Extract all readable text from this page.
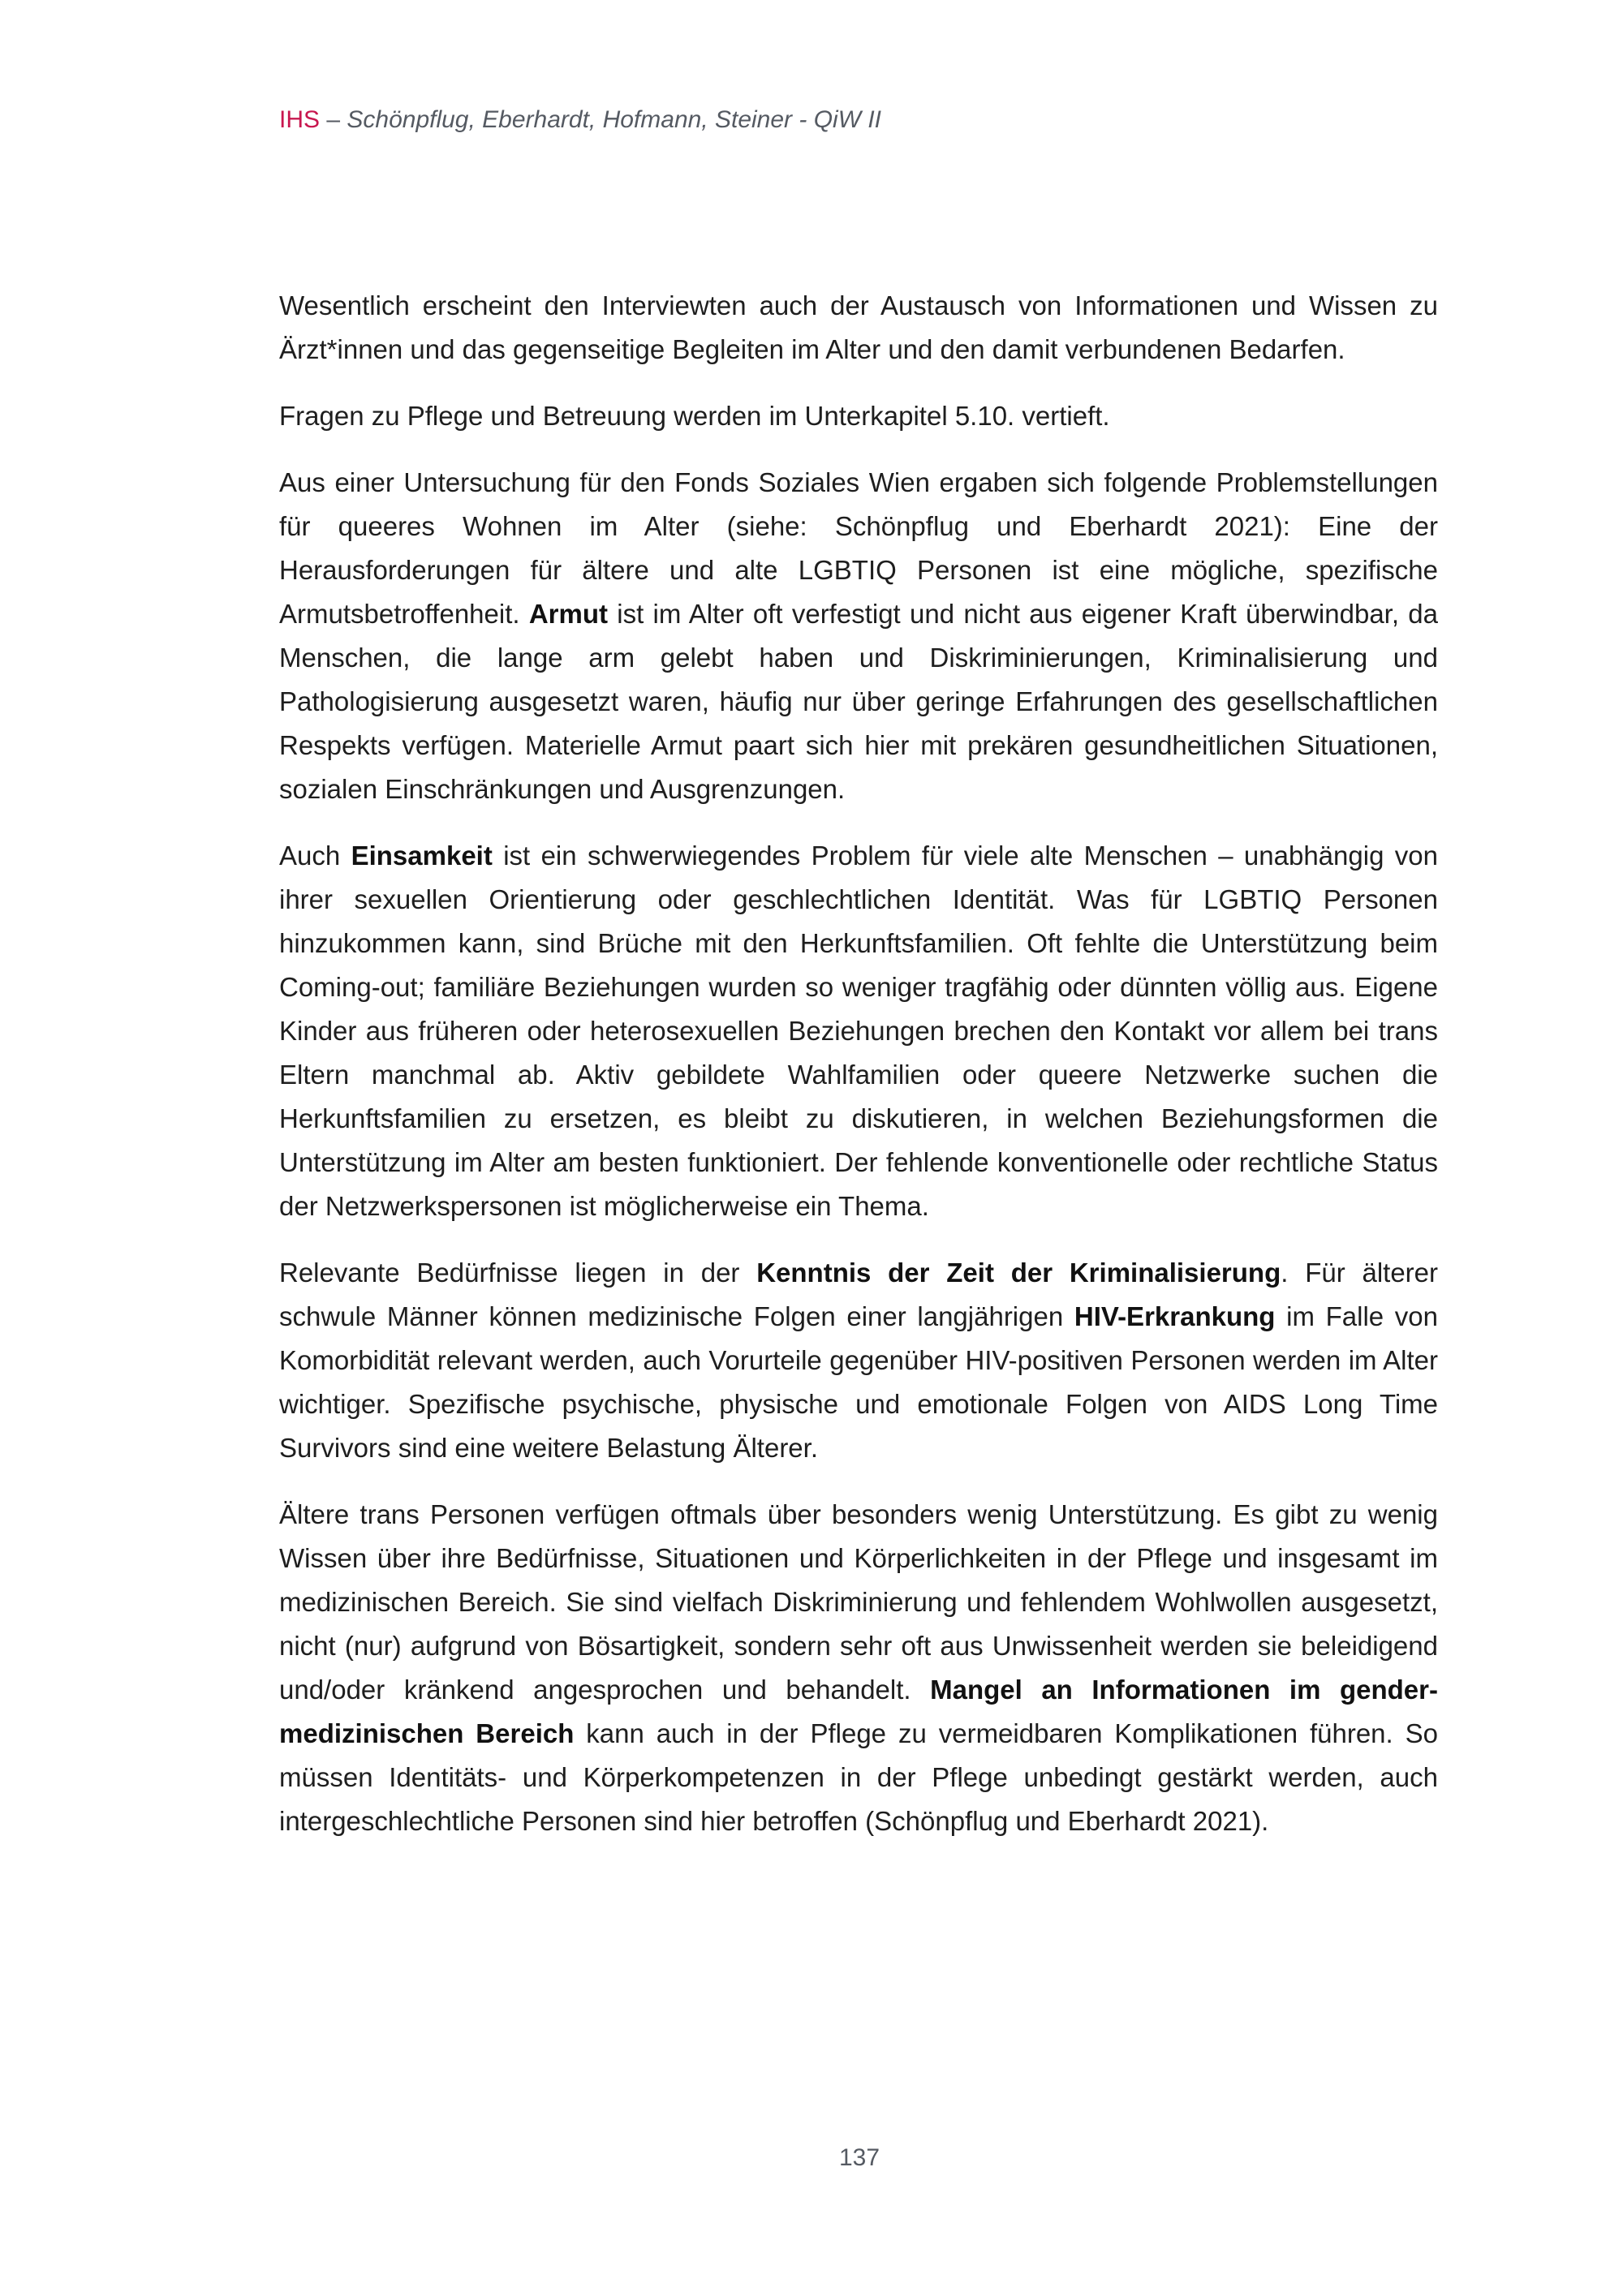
IHS – Schönpflug, Eberhardt, Hofmann, Steiner - QiW II

Wesentlich erscheint den Interviewten auch der Austausch von Informationen und Wissen zu Ärzt*innen und das gegenseitige Begleiten im Alter und den damit verbundenen Bedarfen.

Fragen zu Pflege und Betreuung werden im Unterkapitel 5.10. vertieft.

Aus einer Untersuchung für den Fonds Soziales Wien ergaben sich folgende Problemstellungen für queeres Wohnen im Alter (siehe: Schönpflug und Eberhardt 2021): Eine der Herausforderungen für ältere und alte LGBTIQ Personen ist eine mögliche, spezifische Armutsbetroffenheit. Armut ist im Alter oft verfestigt und nicht aus eigener Kraft überwindbar, da Menschen, die lange arm gelebt haben und Diskriminierungen, Kriminalisierung und Pathologisierung ausgesetzt waren, häufig nur über geringe Erfahrungen des gesellschaftlichen Respekts verfügen. Materielle Armut paart sich hier mit prekären gesundheitlichen Situationen, sozialen Einschränkungen und Ausgrenzungen.

Auch Einsamkeit ist ein schwerwiegendes Problem für viele alte Menschen – unabhängig von ihrer sexuellen Orientierung oder geschlechtlichen Identität. Was für LGBTIQ Personen hinzukommen kann, sind Brüche mit den Herkunftsfamilien. Oft fehlte die Unterstützung beim Coming-out; familiäre Beziehungen wurden so weniger tragfähig oder dünnten völlig aus. Eigene Kinder aus früheren oder heterosexuellen Beziehungen brechen den Kontakt vor allem bei trans Eltern manchmal ab. Aktiv gebildete Wahlfamilien oder queere Netzwerke suchen die Herkunftsfamilien zu ersetzen, es bleibt zu diskutieren, in welchen Beziehungsformen die Unterstützung im Alter am besten funktioniert. Der fehlende konventionelle oder rechtliche Status der Netzwerkspersonen ist möglicherweise ein Thema.

Relevante Bedürfnisse liegen in der Kenntnis der Zeit der Kriminalisierung. Für älterer schwule Männer können medizinische Folgen einer langjährigen HIV-Erkrankung im Falle von Komorbidität relevant werden, auch Vorurteile gegenüber HIV-positiven Personen werden im Alter wichtiger. Spezifische psychische, physische und emotionale Folgen von AIDS Long Time Survivors sind eine weitere Belastung Älterer.

Ältere trans Personen verfügen oftmals über besonders wenig Unterstützung. Es gibt zu wenig Wissen über ihre Bedürfnisse, Situationen und Körperlichkeiten in der Pflege und insgesamt im medizinischen Bereich. Sie sind vielfach Diskriminierung und fehlendem Wohlwollen ausgesetzt, nicht (nur) aufgrund von Bösartigkeit, sondern sehr oft aus Unwissenheit werden sie beleidigend und/oder kränkend angesprochen und behandelt. Mangel an Informationen im gender-medizinischen Bereich kann auch in der Pflege zu vermeidbaren Komplikationen führen. So müssen Identitäts- und Körperkompetenzen in der Pflege unbedingt gestärkt werden, auch intergeschlechtliche Personen sind hier betroffen (Schönpflug und Eberhardt 2021).

137
